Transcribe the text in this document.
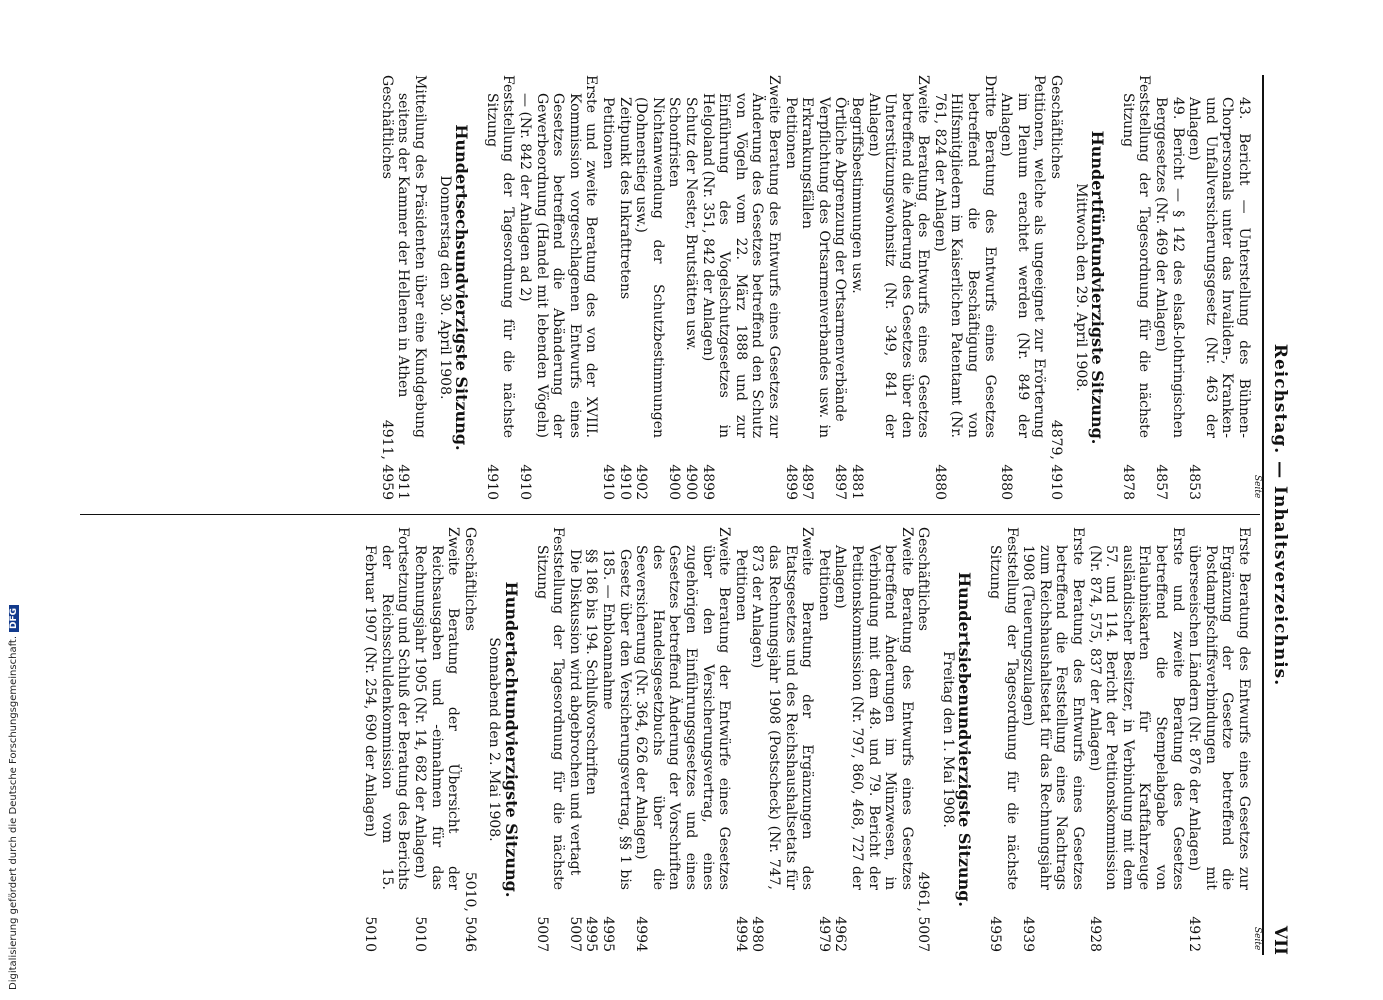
Reichstag. — Inhaltsverzeichnis.
VII
Seite
Seite
43. Bericht — Unterstellung des Bühnen-Chorpersonals unter das Invaliden-, Kranken- und Unfallversicherungsgesetz (Nr. 463 der Anlagen)
4853
49. Bericht — § 142 des elsaß-lothringischen Berggesetzes (Nr. 469 der Anlagen)
4857
Feststellung der Tagesordnung für die nächste Sitzung
4878
Hundertfünfundvierzigste Sitzung.
Mittwoch den 29. April 1908.
Geschäftliches
4879, 4910
Petitionen, welche als ungeeignet zur Erörterung im Plenum erachtet werden (Nr. 849 der Anlagen)
4880
Dritte Beratung des Entwurfs eines Gesetzes betreffend die Beschäftigung von Hilfsmitgliedern im Kaiserlichen Patentamt (Nr. 761, 824 der Anlagen)
4880
Zweite Beratung des Entwurfs eines Gesetzes betreffend die Änderung des Gesetzes über den Unterstützungswohnsitz (Nr. 349, 841 der Anlagen)
Begriffsbestimmungen usw.
4881
Örtliche Abgrenzung der Ortsarmenverbände
4897
Verpflichtung des Ortsarmenverbandes usw. in Erkrankungsfällen
4897
Petitionen
4899
Zweite Beratung des Entwurfs eines Gesetzes zur Änderung des Gesetzes betreffend den Schutz von Vögeln vom 22. März 1888 und zur Einführung des Vogelschutzgesetzes in Helgoland (Nr. 351, 842 der Anlagen)
4899
Schutz der Nester, Brutstätten usw.
4900
Schonfristen
4900
Nichtanwendung der Schutzbestimmungen (Dohnenstieg usw.)
4902
Zeitpunkt des Inkrafttretens
4910
Petitionen
4910
Erste und zweite Beratung des von der XVIII. Kommission vorgeschlagenen Entwurfs eines Gesetzes betreffend die Abänderung der Gewerbeordnung (Handel mit lebenden Vögeln) — (Nr. 842 der Anlagen ad 2)
4910
Feststellung der Tagesordnung für die nächste Sitzung
4910
Hundertsechsundvierzigste Sitzung.
Donnerstag den 30. April 1908.
Mitteilung des Präsidenten über eine Kundgebung seitens der Kammer der Hellenen in Athen
4911
Geschäftliches
4911, 4959
Erste Beratung des Entwurfs eines Gesetzes zur Ergänzung der Gesetze betreffend die Postdampfschiffsverbindungen mit überseeischen Ländern (Nr. 876 der Anlagen)
4912
Erste und zweite Beratung des Gesetzes betreffend die Stempelabgabe von Erlaubniskarten für Kraftfahrzeuge ausländischer Besitzer, in Verbindung mit dem 57. und 114. Bericht der Petitionskommission (Nr. 874, 575, 837 der Anlagen)
4928
Erste Beratung des Entwurfs eines Gesetzes betreffend die Feststellung eines Nachtrags zum Reichshaushaltsetat für das Rechnungsjahr 1908 (Teuerungszulagen)
4939
Feststellung der Tagesordnung für die nächste Sitzung
4959
Hundertsiebenundvierzigste Sitzung.
Freitag den 1. Mai 1908.
Geschäftliches
4961, 5007
Zweite Beratung des Entwurfs eines Gesetzes betreffend Änderungen im Münzwesen, in Verbindung mit dem 48. und 79. Bericht der Petitionskommission (Nr. 797, 860, 468, 727 der Anlagen)
4962
Petitionen
4979
Zweite Beratung der Ergänzungen des Etatsgesetzes und des Reichshaushaltsetats für das Rechnungsjahr 1908 (Postscheck) (Nr. 747, 873 der Anlagen)
4980
Petitionen
4994
Zweite Beratung der Entwürfe eines Gesetzes über den Versicherungsvertrag, eines zugehörigen Einführungsgesetzes und eines Gesetzes betreffend Änderung der Vorschriften des Handelsgesetzbuchs über die Seeversicherung (Nr. 364, 626 der Anlagen)
4994
Gesetz über den Versicherungsvertrag, §§ 1 bis 185. — Enbloannahme
4995
§§ 186 bis 194. Schlußvorschriften
4995
Die Diskussion wird abgebrochen und vertagt
5007
Feststellung der Tagesordnung für die nächste Sitzung
5007
Hundertachtundvierzigste Sitzung.
Sonnabend den 2. Mai 1908.
Geschäftliches
5010, 5046
Zweite Beratung der Übersicht der Reichsausgaben und -einnahmen für das Rechnungsjahr 1905 (Nr. 14, 682 der Anlagen)
5010
Fortsetzung und Schluß der Beratung des Berichts der Reichsschuldenkommission vom 15. Februar 1907 (Nr. 254, 690 der Anlagen)
5010
Digitalisierung gefördert durch die Deutsche Forschungsgemeinschaft.DFG
